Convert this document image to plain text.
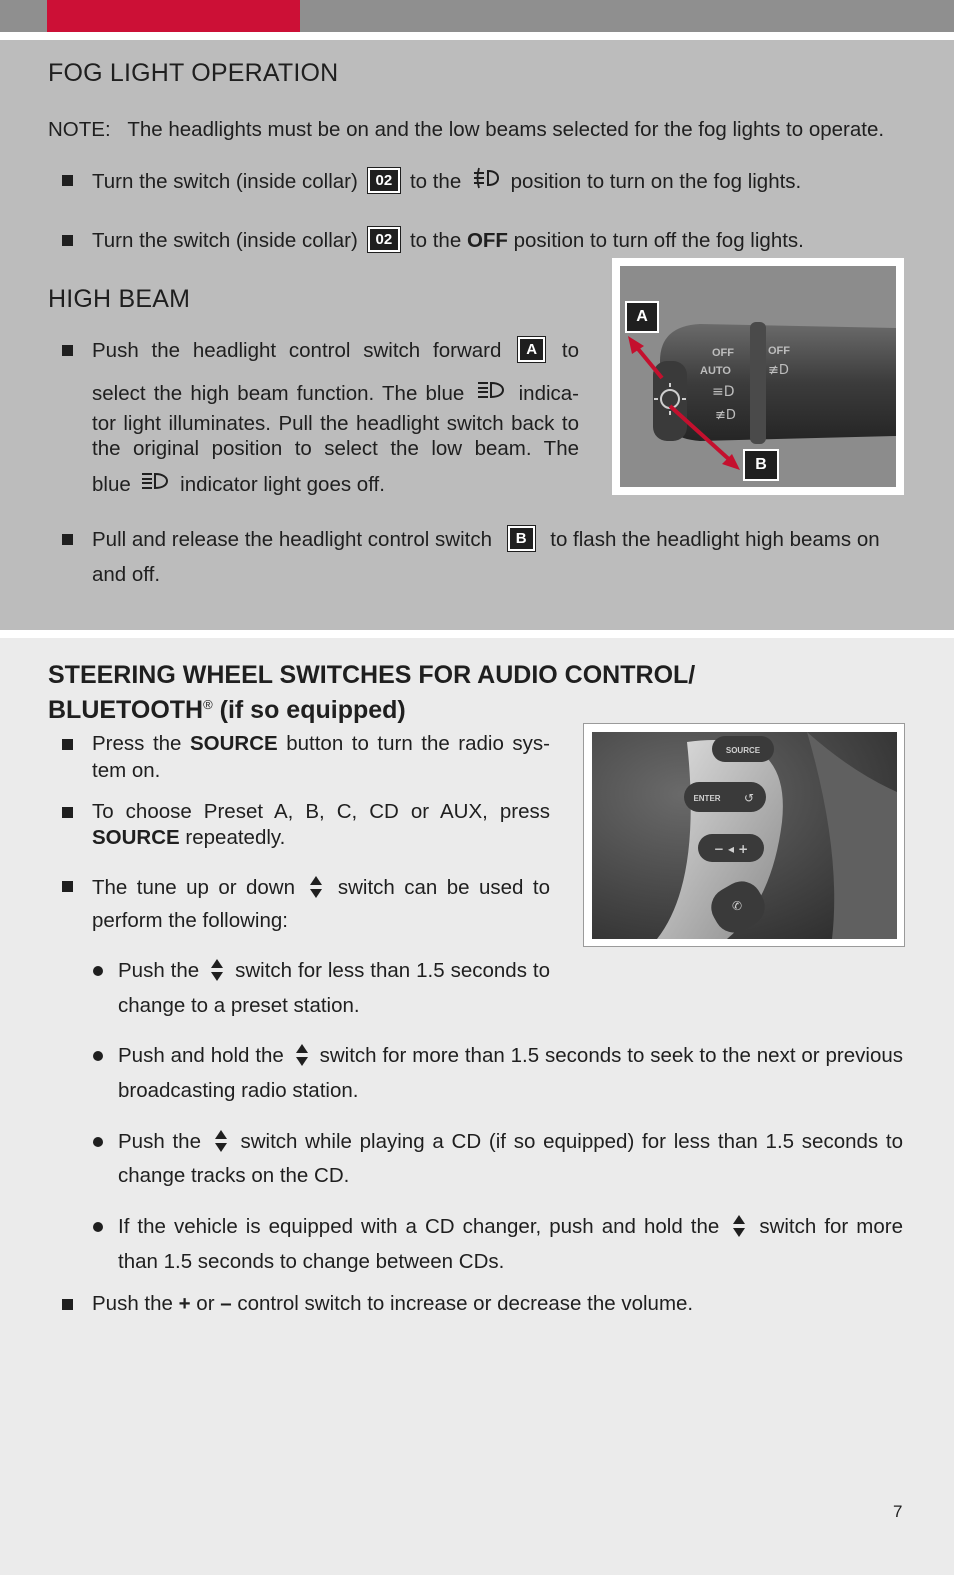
FOG LIGHT OPERATION
NOTE:   The headlights must be on and the low beams selected for the fog lights to operate.
Turn the switch (inside collar) 02 to the position to turn on the fog lights.
Turn the switch (inside collar) 02 to the OFF position to turn off the fog lights.
HIGH BEAM
Push the headlight control switch forward A to
select the high beam function. The blue	indica-
tor light illuminates. Pull the headlight switch back to
the original position to select the low beam. The
blue indicator light goes off.
OFF
AUTO
OFF
≡D
≢D
≢D
A
B
Pull and release the headlight control switch B to flash the headlight high beams on
and off.
STEERING WHEEL SWITCHES FOR AUDIO CONTROL/
BLUETOOTH® (if so equipped)
Press the SOURCE button to turn the radio sys-
tem on.
To choose Preset A, B, C, CD or AUX, press
SOURCE repeatedly.
The tune up or down switch can be used to
perform the following:
SOURCE
ENTER ↺
− ◂ +
✆
Push the switch for less than 1.5 seconds to
change to a preset station.
Push and hold the switch for more than 1.5 seconds to seek to the next or previous
broadcasting radio station.
Push the switch while playing a CD (if so equipped) for less than 1.5 seconds to
change tracks on the CD.
If the vehicle is equipped with a CD changer, push and hold the switch for more
than 1.5 seconds to change between CDs.
Push the + or – control switch to increase or decrease the volume.
7
